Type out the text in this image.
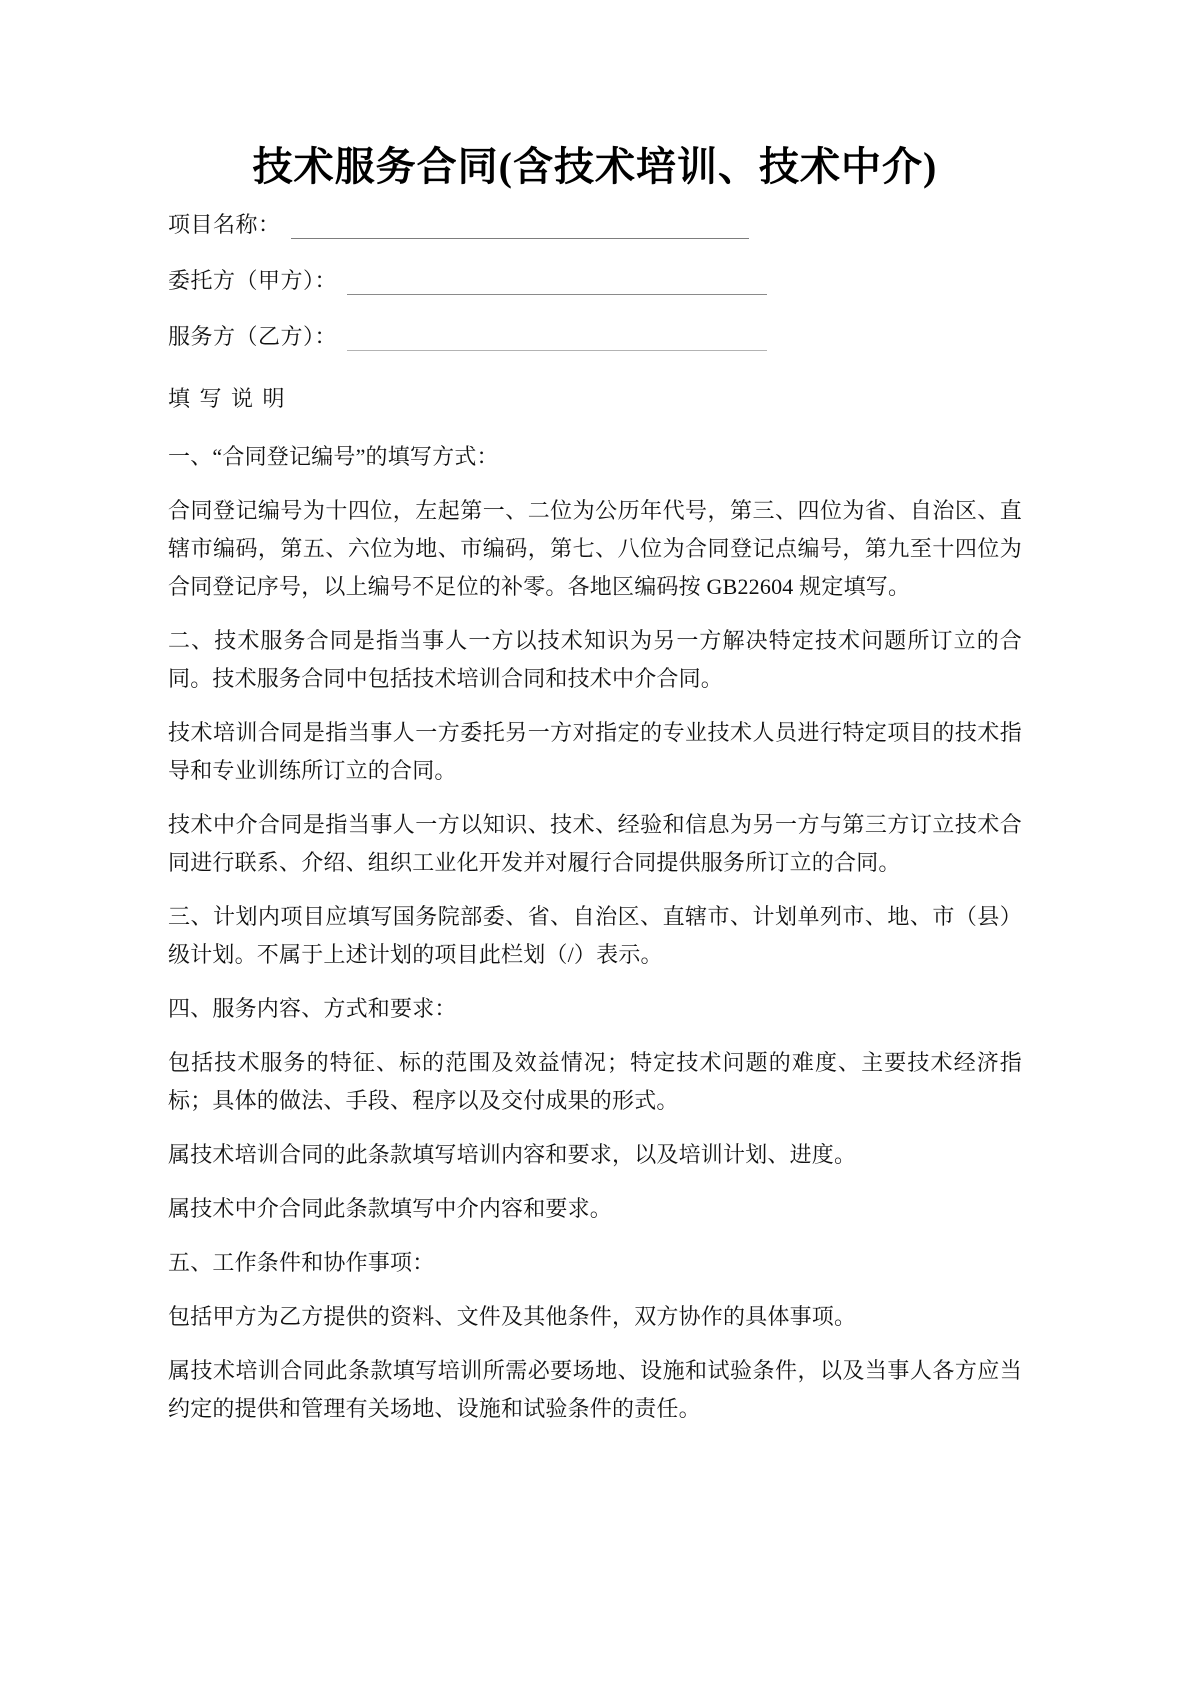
技术服务合同(含技术培训、技术中介)
项目名称：
委托方（甲方）：
服务方（乙方）：

填 写 说 明

一、“合同登记编号”的填写方式：

合同登记编号为十四位，左起第一、二位为公历年代号，第三、四位为省、自治区、直辖市编码，第五、六位为地、市编码，第七、八位为合同登记点编号，第九至十四位为合同登记序号，以上编号不足位的补零。各地区编码按 GB22604 规定填写。

二、技术服务合同是指当事人一方以技术知识为另一方解决特定技术问题所订立的合同。技术服务合同中包括技术培训合同和技术中介合同。

技术培训合同是指当事人一方委托另一方对指定的专业技术人员进行特定项目的技术指导和专业训练所订立的合同。

技术中介合同是指当事人一方以知识、技术、经验和信息为另一方与第三方订立技术合同进行联系、介绍、组织工业化开发并对履行合同提供服务所订立的合同。

三、计划内项目应填写国务院部委、省、自治区、直辖市、计划单列市、地、市（县）级计划。不属于上述计划的项目此栏划（/）表示。

四、服务内容、方式和要求：

包括技术服务的特征、标的范围及效益情况；特定技术问题的难度、主要技术经济指标；具体的做法、手段、程序以及交付成果的形式。

属技术培训合同的此条款填写培训内容和要求，以及培训计划、进度。

属技术中介合同此条款填写中介内容和要求。

五、工作条件和协作事项：

包括甲方为乙方提供的资料、文件及其他条件，双方协作的具体事项。

属技术培训合同此条款填写培训所需必要场地、设施和试验条件，以及当事人各方应当约定的提供和管理有关场地、设施和试验条件的责任。
